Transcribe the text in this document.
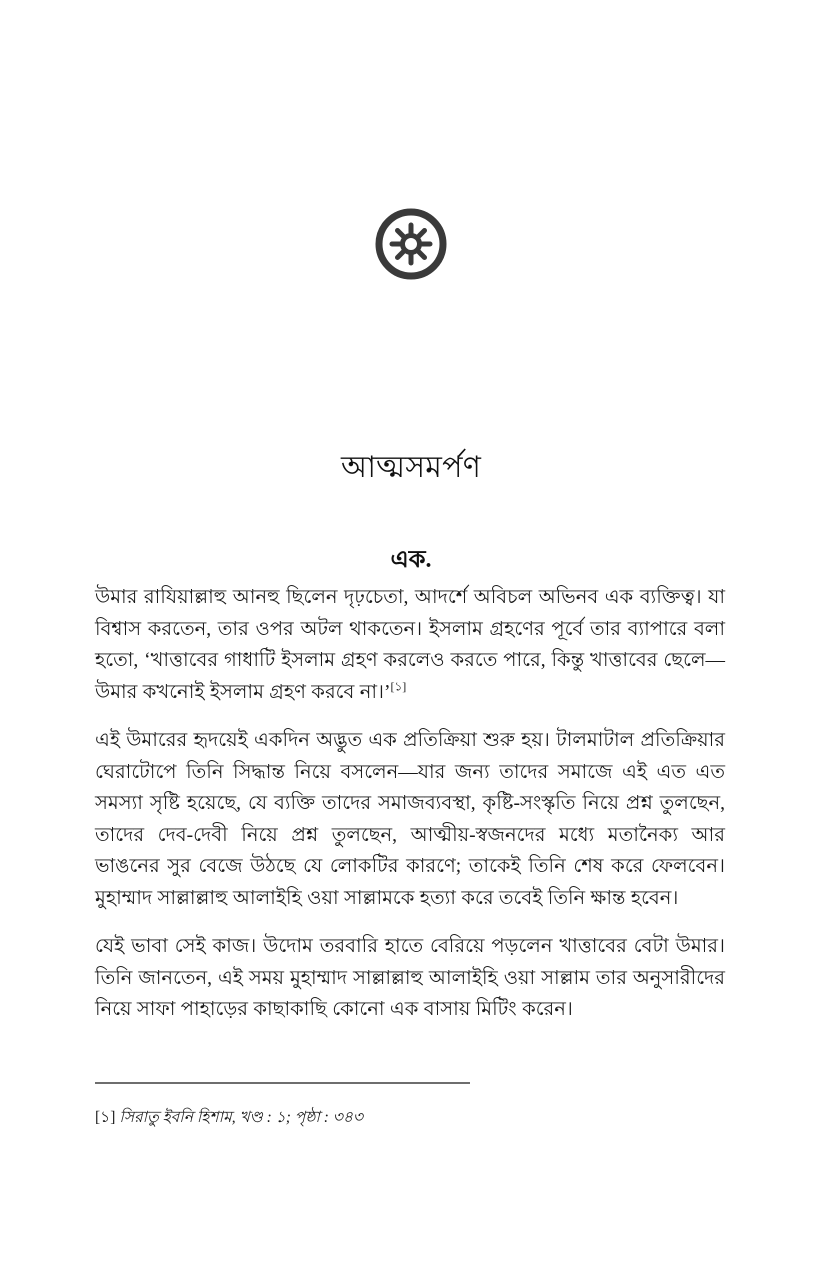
আত্মসমর্পণ
এক.

উমার রাযিয়াল্লাহু আনহু ছিলেন দৃঢ়চেতা, আদর্শে অবিচল অভিনব এক ব্যক্তিত্ব। যা বিশ্বাস করতেন, তার ওপর অটল থাকতেন। ইসলাম গ্রহণের পূর্বে তার ব্যাপারে বলা হতো, ‘খাত্তাবের গাধাটি ইসলাম গ্রহণ করলেও করতে পারে, কিন্তু খাত্তাবের ছেলে—উমার কখনোই ইসলাম গ্রহণ করবে না।’[১]

এই উমারের হৃদয়েই একদিন অদ্ভুত এক প্রতিক্রিয়া শুরু হয়। টালমাটাল প্রতিক্রিয়ার ঘেরাটোপে তিনি সিদ্ধান্ত নিয়ে বসলেন—যার জন্য তাদের সমাজে এই এত এত সমস্যা সৃষ্টি হয়েছে, যে ব্যক্তি তাদের সমাজব্যবস্থা, কৃষ্টি-সংস্কৃতি নিয়ে প্রশ্ন তুলছেন, তাদের দেব-দেবী নিয়ে প্রশ্ন তুলছেন, আত্মীয়-স্বজনদের মধ্যে মতানৈক্য আর ভাঙনের সুর বেজে উঠছে যে লোকটির কারণে; তাকেই তিনি শেষ করে ফেলবেন। মুহাম্মাদ সাল্লাল্লাহু আলাইহি ওয়া সাল্লামকে হত্যা করে তবেই তিনি ক্ষান্ত হবেন।

যেই ভাবা সেই কাজ। উদোম তরবারি হাতে বেরিয়ে পড়লেন খাত্তাবের বেটা উমার। তিনি জানতেন, এই সময় মুহাম্মাদ সাল্লাল্লাহু আলাইহি ওয়া সাল্লাম তার অনুসারীদের নিয়ে সাফা পাহাড়ের কাছাকাছি কোনো এক বাসায় মিটিং করেন।

[১] সিরাতু ইবনি হিশাম, খণ্ড : ১; পৃষ্ঠা : ৩৪৩
